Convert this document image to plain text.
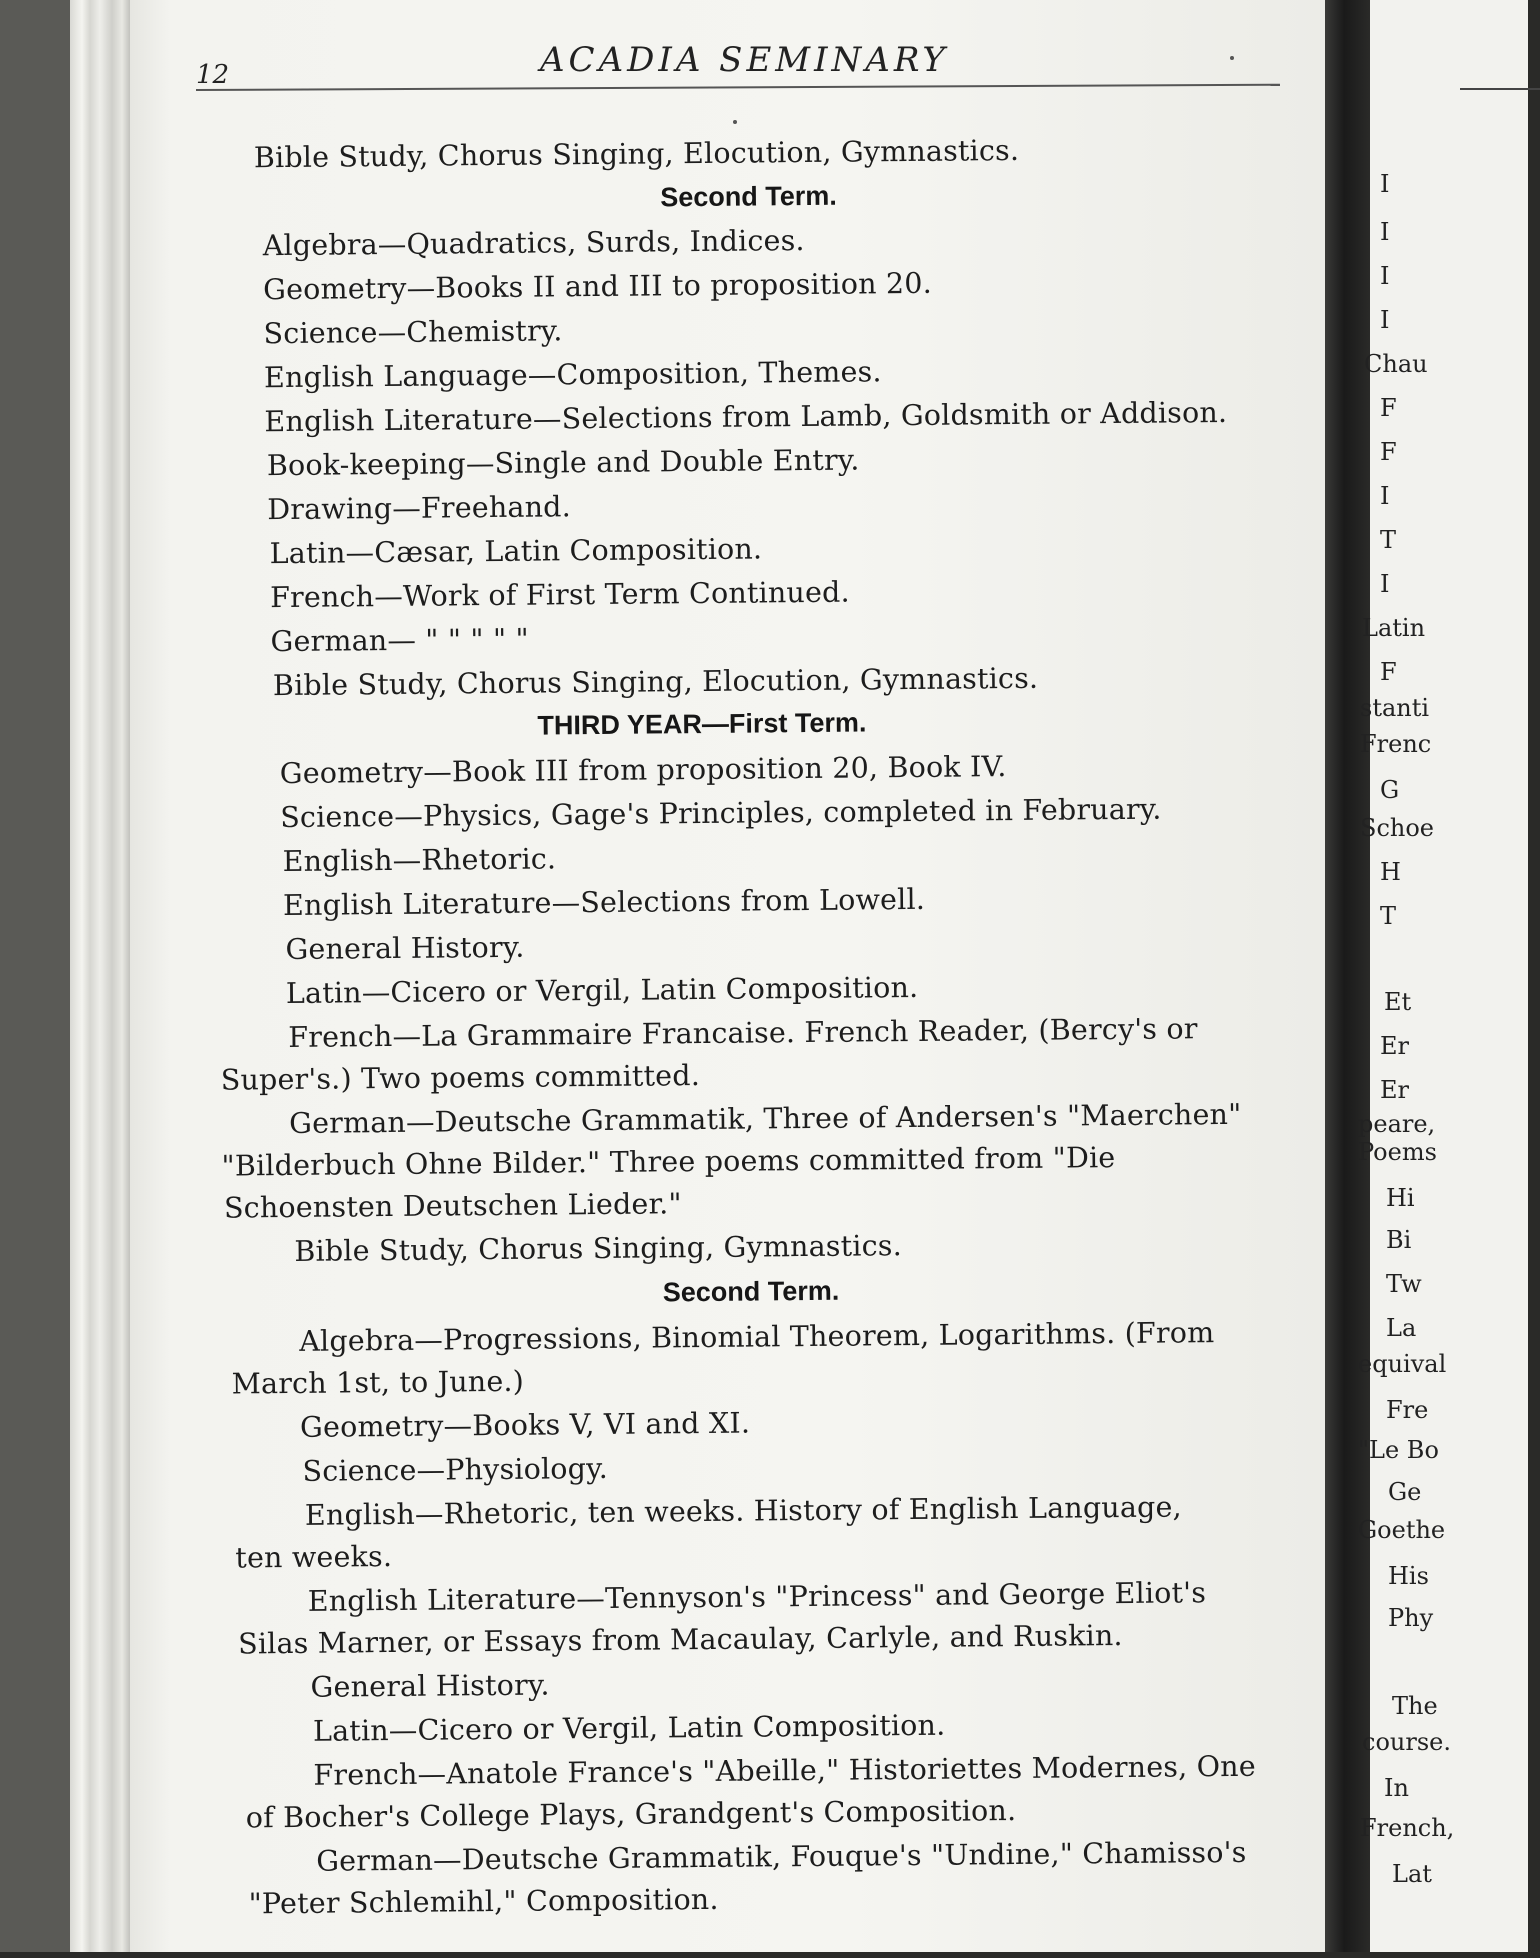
I
I
I
I
Chau
F
F
I
T
I
Latin
F
stanti
Frenc
G
Schoe
H
T
Et
Er
Er
peare,
Poems
Hi
Bi
Tw
La
equival
Fre
"Le Bo
Ge
Goethe
His
Phy
The
course.
In
French,
Lat
12	ACADIA SEMINARY
Bible Study, Chorus Singing, Elocution, Gymnastics.
Second Term.
Algebra—Quadratics, Surds, Indices.
Geometry—Books II and III to proposition 20.
Science—Chemistry.
English Language—Composition, Themes.
English Literature—Selections from Lamb, Goldsmith or Addison.
Book-keeping—Single and Double Entry.
Drawing—Freehand.
Latin—Cæsar, Latin Composition.
French—Work of First Term Continued.
German— " " " " "
Bible Study, Chorus Singing, Elocution, Gymnastics.
THIRD YEAR—First Term.
Geometry—Book III from proposition 20, Book IV.
Science—Physics, Gage's Principles, completed in February.
English—Rhetoric.
English Literature—Selections from Lowell.
General History.
Latin—Cicero or Vergil, Latin Composition.
French—La Grammaire Francaise. French Reader, (Bercy's or
Super's.) Two poems committed.
German—Deutsche Grammatik, Three of Andersen's "Maerchen"
"Bilderbuch Ohne Bilder." Three poems committed from "Die
Schoensten Deutschen Lieder."
Bible Study, Chorus Singing, Gymnastics.
Second Term.
Algebra—Progressions, Binomial Theorem, Logarithms. (From
March 1st, to June.)
Geometry—Books V, VI and XI.
Science—Physiology.
English—Rhetoric, ten weeks. History of English Language,
ten weeks.
English Literature—Tennyson's "Princess" and George Eliot's
Silas Marner, or Essays from Macaulay, Carlyle, and Ruskin.
General History.
Latin—Cicero or Vergil, Latin Composition.
French—Anatole France's "Abeille," Historiettes Modernes, One
of Bocher's College Plays, Grandgent's Composition.
German—Deutsche Grammatik, Fouque's "Undine," Chamisso's
"Peter Schlemihl," Composition.
